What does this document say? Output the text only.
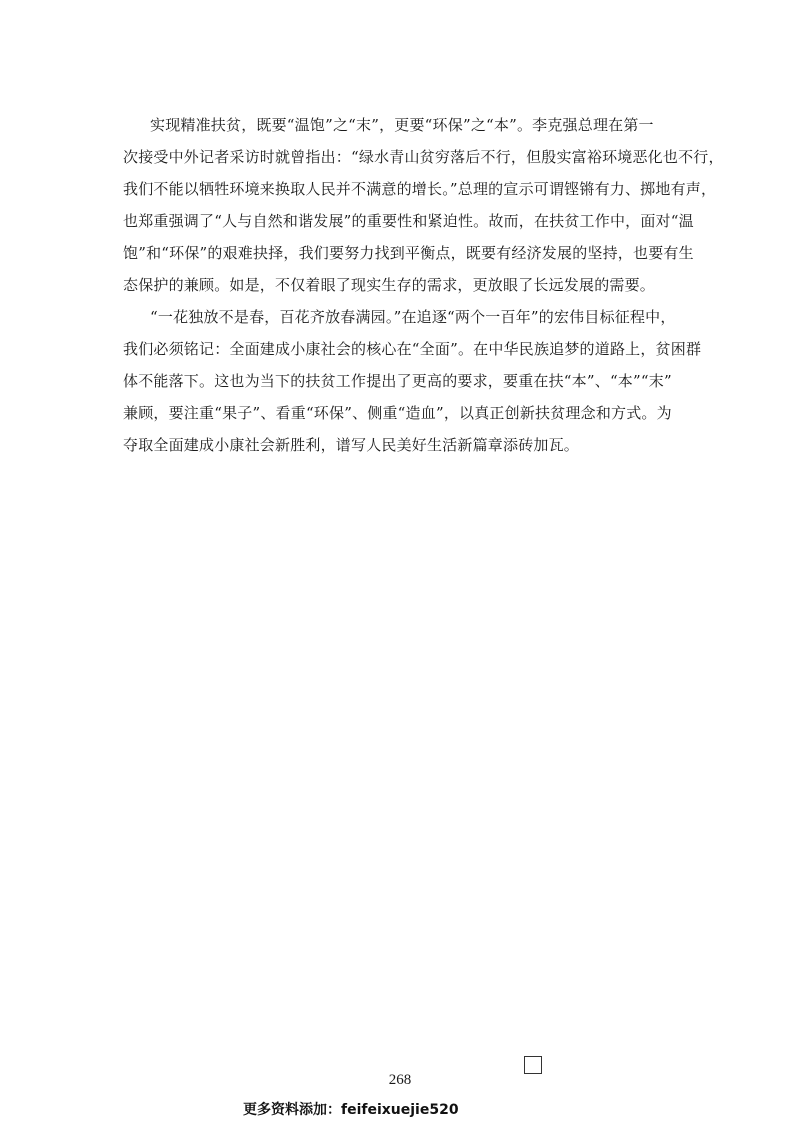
实现精准扶贫，既要“温饱”之“末”，更要“环保”之“本”。李克强总理在第一
次接受中外记者采访时就曾指出：“绿水青山贫穷落后不行，但殷实富裕环境恶化也不行，
我们不能以牺牲环境来换取人民并不满意的增长。”总理的宣示可谓铿锵有力、掷地有声，
也郑重强调了“人与自然和谐发展”的重要性和紧迫性。故而，在扶贫工作中，面对“温
饱”和“环保”的艰难抉择，我们要努力找到平衡点，既要有经济发展的坚持，也要有生
态保护的兼顾。如是，不仅着眼了现实生存的需求，更放眼了长远发展的需要。
“一花独放不是春，百花齐放春满园。”在追逐“两个一百年”的宏伟目标征程中，
我们必须铭记：全面建成小康社会的核心在“全面”。在中华民族追梦的道路上，贫困群
体不能落下。这也为当下的扶贫工作提出了更高的要求，要重在扶“本”、“本”“末”
兼顾，要注重“果子”、看重“环保”、侧重“造血”，以真正创新扶贫理念和方式。为
夺取全面建成小康社会新胜利，谱写人民美好生活新篇章添砖加瓦。
268
更多资料添加：feifeixuejie520
